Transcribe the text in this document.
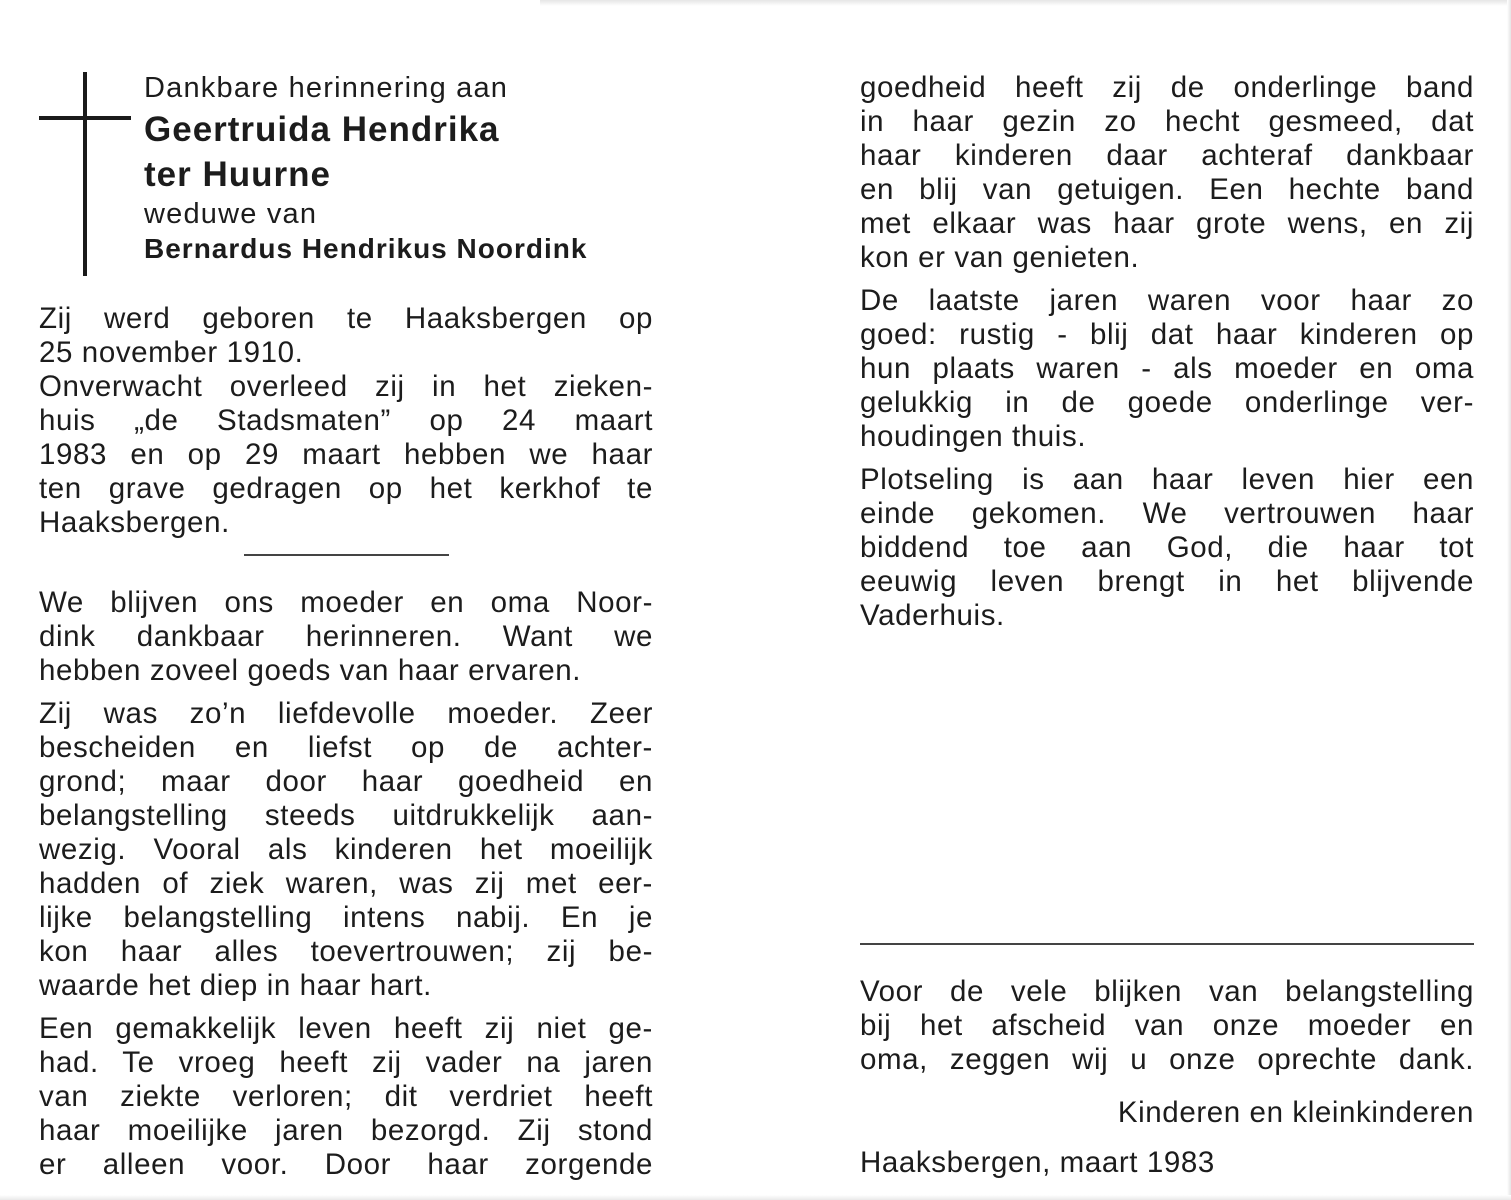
Dankbare herinnering aan
Geertruida Hendrika
ter Huurne
weduwe van
Bernardus Hendrikus Noordink
Zij werd geboren te Haaksbergen op
25 november 1910.
Onverwacht overleed zij in het zieken-
huis „de Stadsmaten” op 24 maart
1983 en op 29 maart hebben we haar
ten grave gedragen op het kerkhof te
Haaksbergen.
We blijven ons moeder en oma Noor-
dink dankbaar herinneren. Want we
hebben zoveel goeds van haar ervaren.
Zij was zo’n liefdevolle moeder. Zeer
bescheiden en liefst op de achter-
grond; maar door haar goedheid en
belangstelling steeds uitdrukkelijk aan-
wezig. Vooral als kinderen het moeilijk
hadden of ziek waren, was zij met eer-
lijke belangstelling intens nabij. En je
kon haar alles toevertrouwen; zij be-
waarde het diep in haar hart.
Een gemakkelijk leven heeft zij niet ge-
had. Te vroeg heeft zij vader na jaren
van ziekte verloren; dit verdriet heeft
haar moeilijke jaren bezorgd. Zij stond
er alleen voor. Door haar zorgende
goedheid heeft zij de onderlinge band
in haar gezin zo hecht gesmeed, dat
haar kinderen daar achteraf dankbaar
en blij van getuigen. Een hechte band
met elkaar was haar grote wens, en zij
kon er van genieten.
De laatste jaren waren voor haar zo
goed: rustig - blij dat haar kinderen op
hun plaats waren - als moeder en oma
gelukkig in de goede onderlinge ver-
houdingen thuis.
Plotseling is aan haar leven hier een
einde gekomen. We vertrouwen haar
biddend toe aan God, die haar tot
eeuwig leven brengt in het blijvende
Vaderhuis.
Voor de vele blijken van belangstelling
bij het afscheid van onze moeder en
oma, zeggen wij u onze oprechte dank.
Kinderen en kleinkinderen
Haaksbergen, maart 1983
